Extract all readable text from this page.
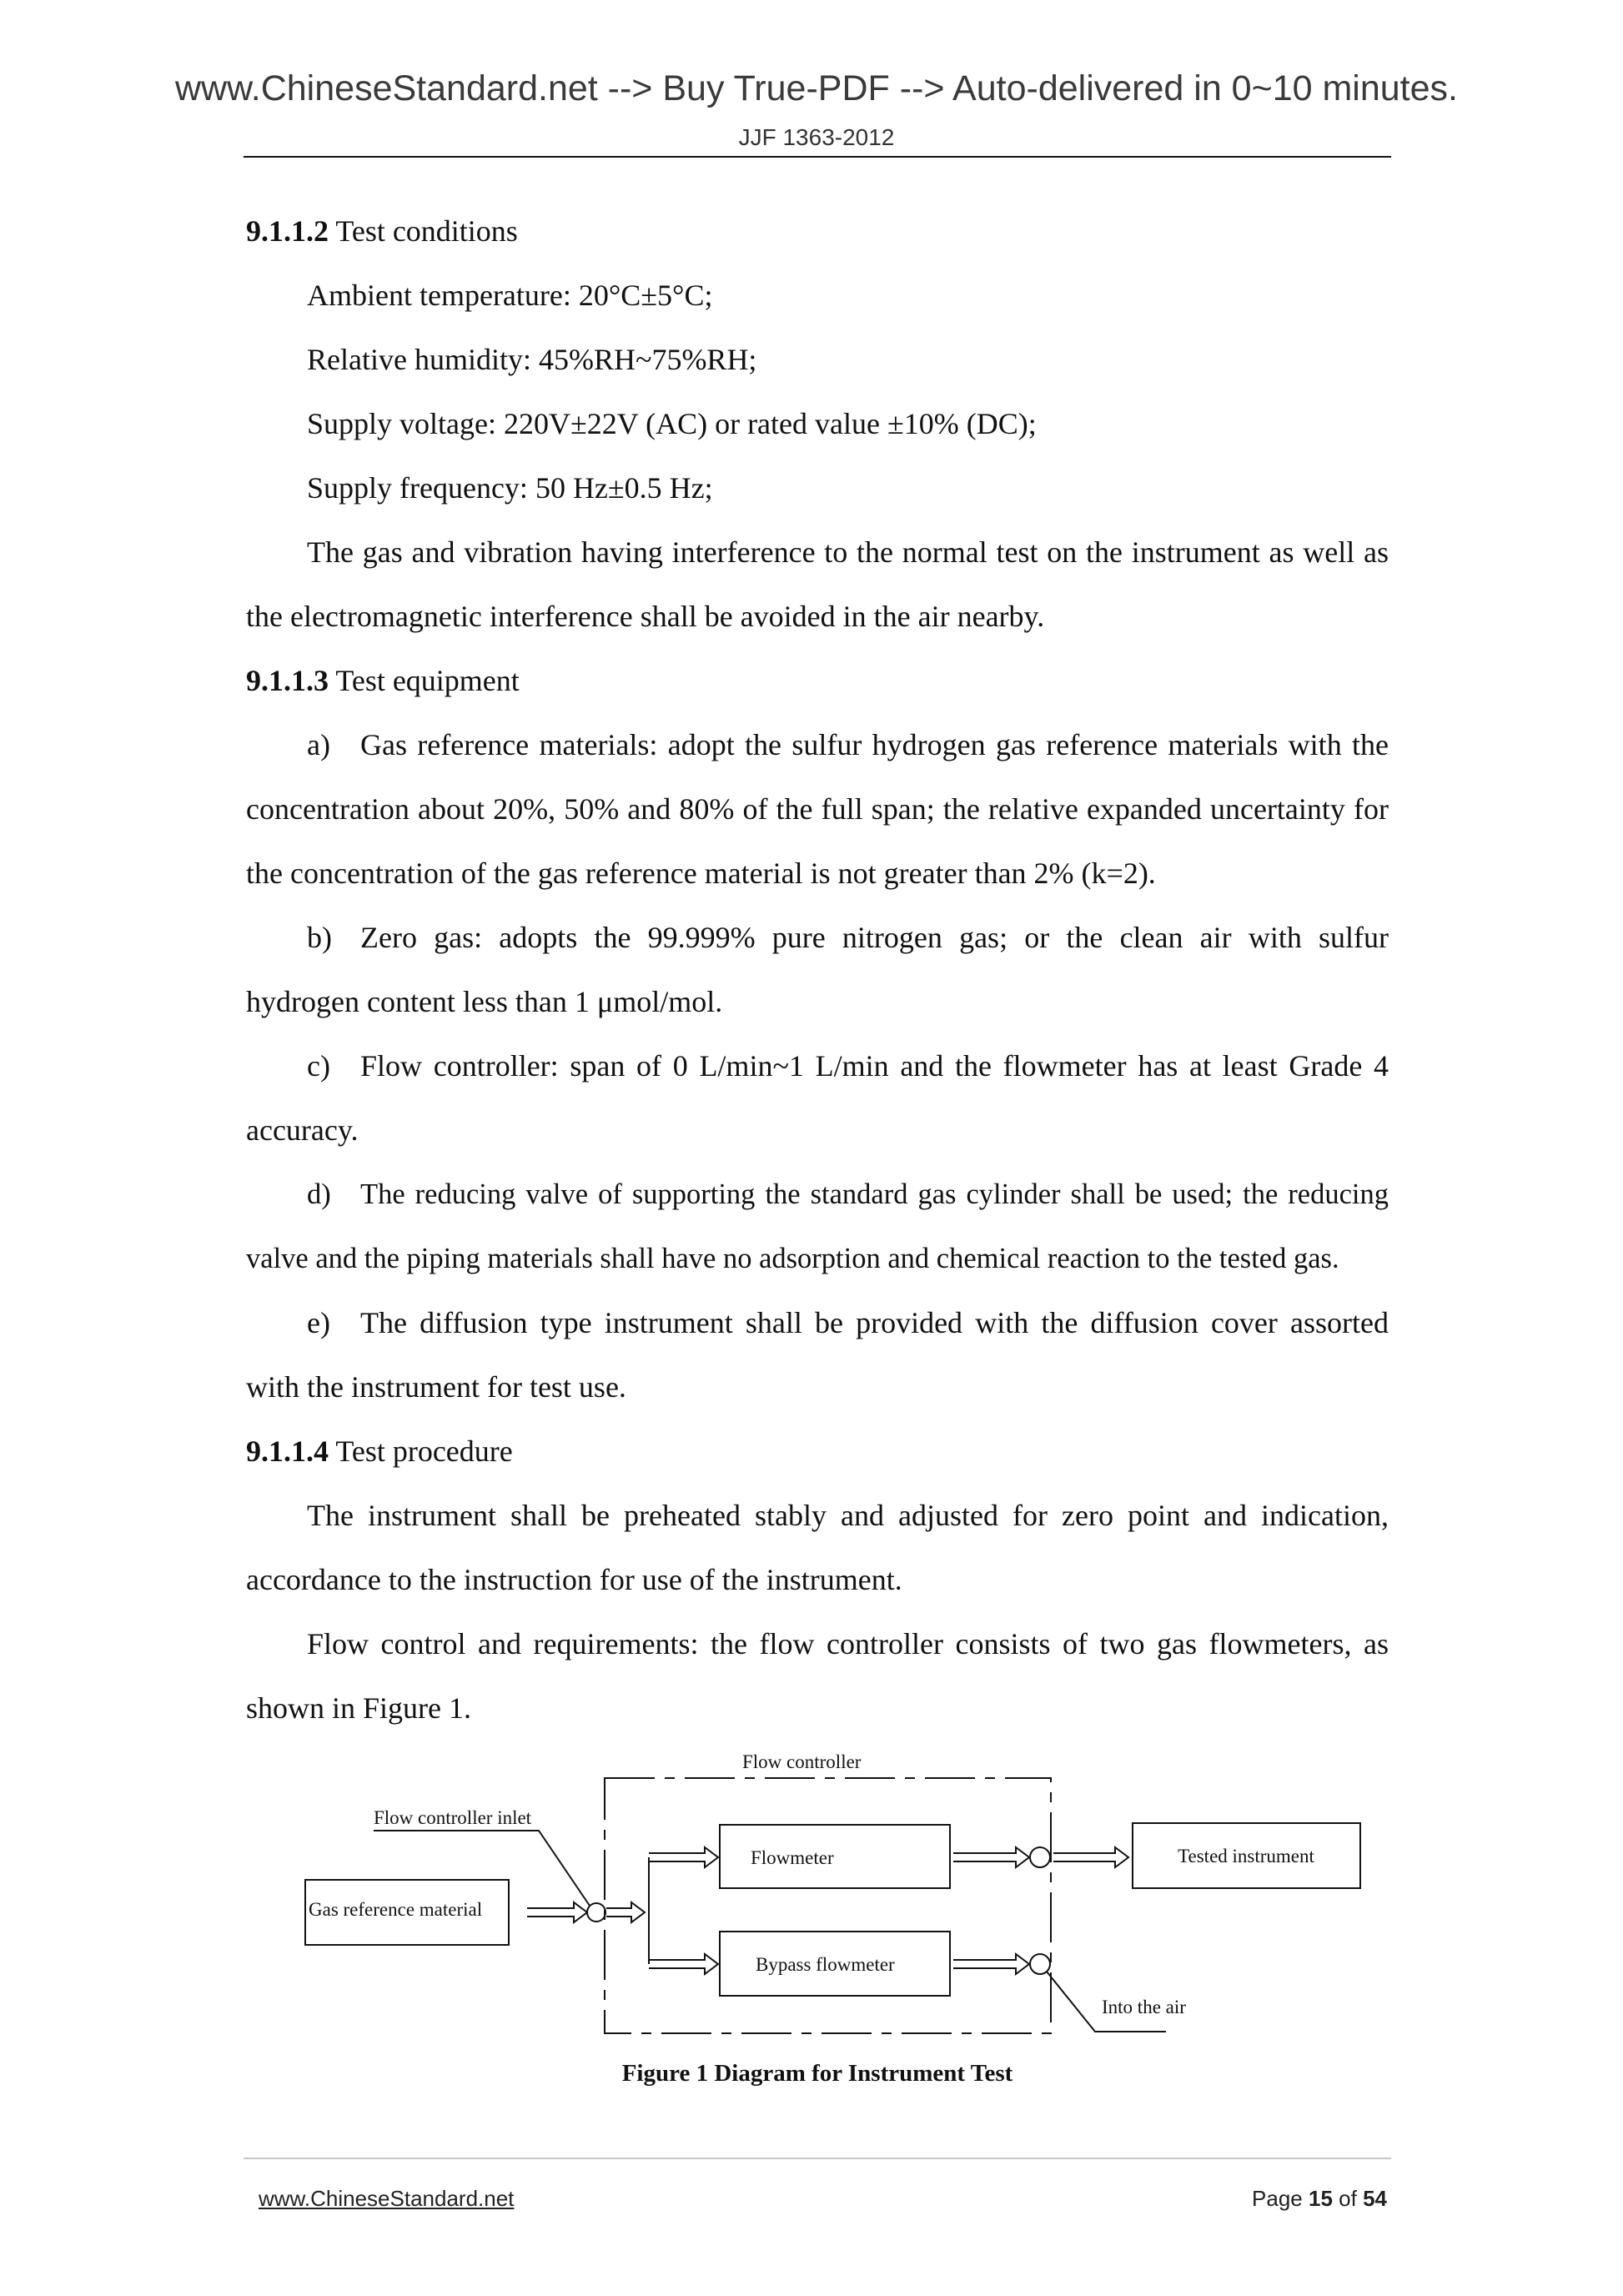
www.ChineseStandard.net --> Buy True-PDF --> Auto-delivered in 0~10 minutes.
JJF 1363-2012
9.1.1.2 Test conditions
Ambient temperature: 20°C±5°C;
Relative humidity: 45%RH~75%RH;
Supply voltage: 220V±22V (AC) or rated value ±10% (DC);
Supply frequency: 50 Hz±0.5 Hz;
The gas and vibration having interference to the normal test on the instrument as well as
the electromagnetic interference shall be avoided in the air nearby.
9.1.1.3 Test equipment
a) Gas reference materials: adopt the sulfur hydrogen gas reference materials with the
concentration about 20%, 50% and 80% of the full span; the relative expanded uncertainty for
the concentration of the gas reference material is not greater than 2% (k=2).
b) Zero gas: adopts the 99.999% pure nitrogen gas; or the clean air with sulfur
hydrogen content less than 1 μmol/mol.
c) Flow controller: span of 0 L/min~1 L/min and the flowmeter has at least Grade 4
accuracy.
d) The reducing valve of supporting the standard gas cylinder shall be used; the reducing
valve and the piping materials shall have no adsorption and chemical reaction to the tested gas.
e) The diffusion type instrument shall be provided with the diffusion cover assorted
with the instrument for test use.
9.1.1.4 Test procedure
The instrument shall be preheated stably and adjusted for zero point and indication,
accordance to the instruction for use of the instrument.
Flow control and requirements: the flow controller consists of two gas flowmeters, as
shown in Figure 1.
Flow controller
Flow controller inlet
Gas reference material
Flowmeter
Bypass flowmeter
Tested instrument
Into the air
Figure 1 Diagram for Instrument Test
www.ChineseStandard.net	Page 15 of 54
